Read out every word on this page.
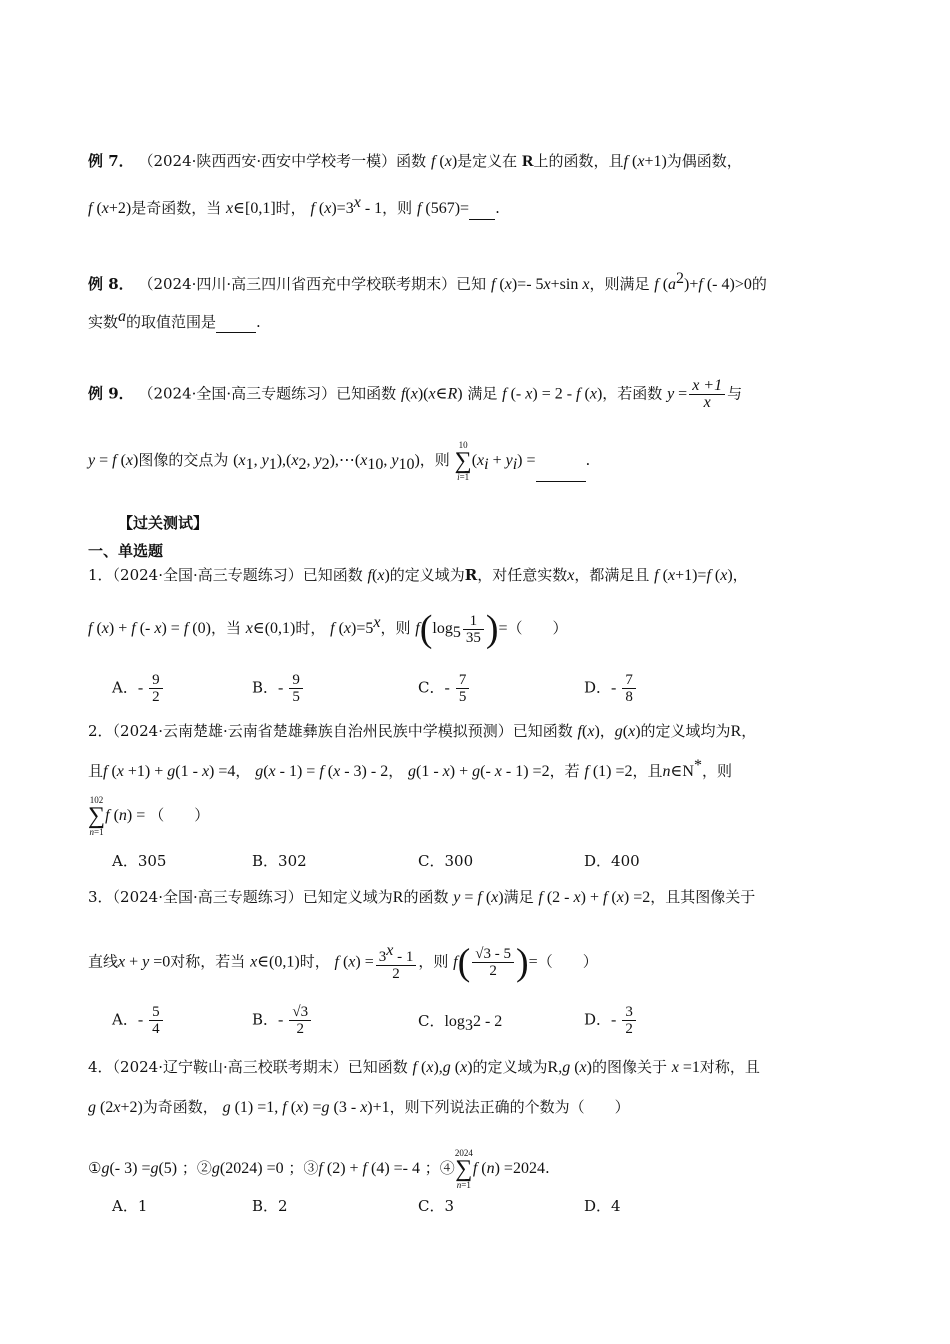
例 7． （2024·陕西西安·西安中学校考一模）函数 f (x)是定义在 R上的函数，且f (x+1)为偶函数，
f (x+2)是奇函数，当 x∈[0,1]时， f $(x)=3^x - 1$，则 f (567)= .
例 8． （2024·四川·高三四川省西充中学校联考期末）已知 f (x)=- 5x+sin x，则满足 f $(a^2)+f$ (- 4)>0的
实数$^a$的取值范围是	.
例 9． （2024·全国·高三专题练习）已知函数 f(x)(x∈R) 满足 f (- x) = 2 - f (x)，若函数 $y = \frac{x +1}{x}$ 与
y = f (x)图像的交点为 ($x_1$, $y_1),(x_2$, $y_2),\cdots(x_{10}$, $y_{10}$)，则
10
∑
i=1
$(x_i + y_i)$ =	.
【过关测试】
一、单选题
1．（2024·全国·高三专题练习）已知函数 f(x)的定义域为R，对任意实数x，都满足且 f (x+1)=f (x)，
f (x) + f (- x) = f (0)，当 x∈(0,1)时， f $(x)=5^x$，则 $f(\log_5 \frac{1}{35}$ )=（　　）
A．- $\frac{9}{2}$	B．- $\frac{9}{5}$	C．- $\frac{7}{5}$	D．- $\frac{7}{8}$
2．（2024·云南楚雄·云南省楚雄彝族自治州民族中学模拟预测）已知函数 f(x)，g(x)的定义域均为R，
且f (x +1) + g(1 - x) =4， g(x - 1) = f (x - 3) - 2， g(1 - x) + g(- x - 1) =2，若 f (1) =2，且n∈N*，则
102
∑
n=1
f (n) = （　　）
A．305	B．302	C．300	D．400
3．（2024·全国·高三专题练习）已知定义域为R的函数 y = f (x)满足 f (2 - x) + f (x) =2，且其图像关于
直线x + y =0对称，若当 x∈(0,1)时， f $(x) = \frac{3^x - 1}{2}$ ，则 $f( \frac{√3 - 5}{2}$ )=（　　）
A．- $\frac{5}{4}$	B．- $\frac{√3}{2}$	C．$\log_32 - 2$	D．- $\frac{3}{2}$
4．（2024·辽宁鞍山·高三校联考期末）已知函数 f (x),g (x)的定义域为R,g (x)的图像关于 x =1对称，且
g (2x+2)为奇函数， g (1) =1, f (x) =g (3 - x)+1，则下列说法正确的个数为（　　）
①g(- 3) =g(5) ；②g(2024) =0 ；③f (2) + f (4) =- 4 ；④
2024
∑
n=1
f (n) =2024.
A．1	B．2	C．3	D．4
